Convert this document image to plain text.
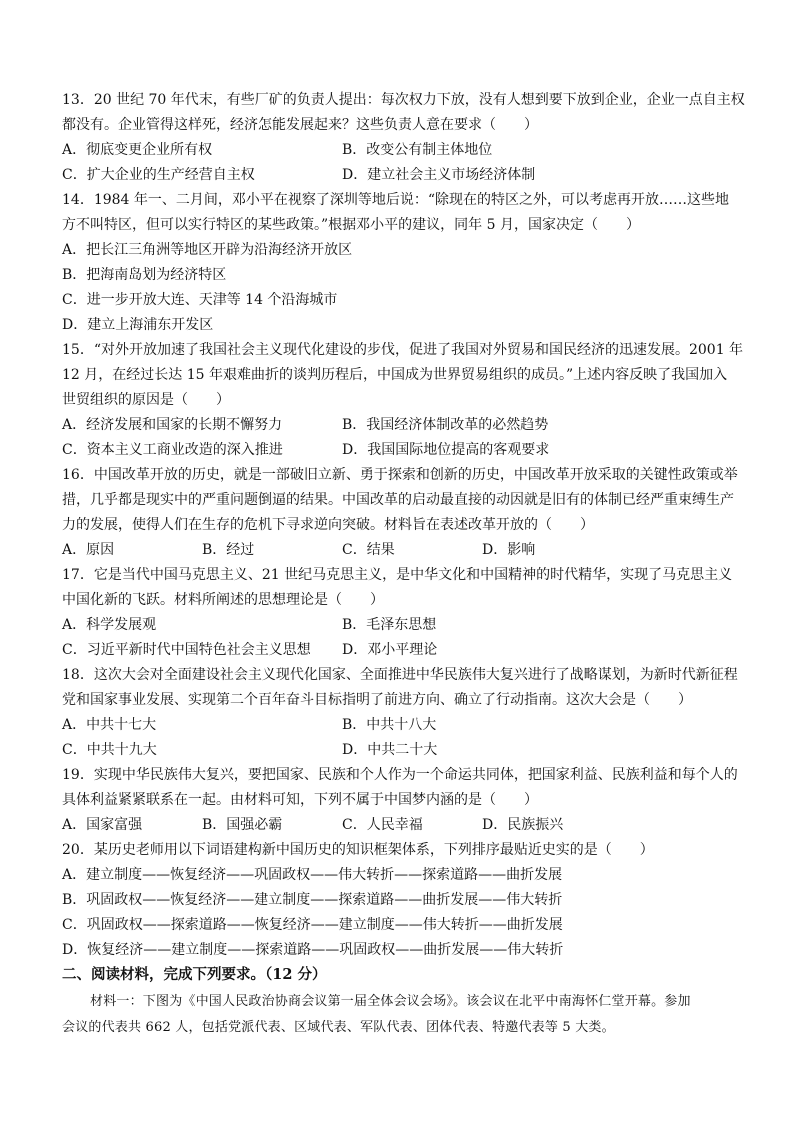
13．20 世纪 70 年代末，有些厂矿的负责人提出：每次权力下放，没有人想到要下放到企业，企业一点自主权
都没有。企业管得这样死，经济怎能发展起来？这些负责人意在要求（　　）
A．彻底变更企业所有权	B．改变公有制主体地位
C．扩大企业的生产经营自主权	D．建立社会主义市场经济体制
14．1984 年一、二月间，邓小平在视察了深圳等地后说：“除现在的特区之外，可以考虑再开放……这些地
方不叫特区，但可以实行特区的某些政策。”根据邓小平的建议，同年 5 月，国家决定（　　）
A．把长江三角洲等地区开辟为沿海经济开放区
B．把海南岛划为经济特区
C．进一步开放大连、天津等 14 个沿海城市
D．建立上海浦东开发区
15．“对外开放加速了我国社会主义现代化建设的步伐，促进了我国对外贸易和国民经济的迅速发展。2001 年
12 月，在经过长达 15 年艰难曲折的谈判历程后，中国成为世界贸易组织的成员。”上述内容反映了我国加入
世贸组织的原因是（　　）
A．经济发展和国家的长期不懈努力	B．我国经济体制改革的必然趋势
C．资本主义工商业改造的深入推进	D．我国国际地位提高的客观要求
16．中国改革开放的历史，就是一部破旧立新、勇于探索和创新的历史，中国改革开放采取的关键性政策或举
措，几乎都是现实中的严重问题倒逼的结果。中国改革的启动最直接的动因就是旧有的体制已经严重束缚生产
力的发展，使得人们在生存的危机下寻求逆向突破。材料旨在表述改革开放的（　　）
A．原因	B．经过	C．结果	D．影响
17．它是当代中国马克思主义、21 世纪马克思主义，是中华文化和中国精神的时代精华，实现了马克思主义
中国化新的飞跃。材料所阐述的思想理论是（　　）
A．科学发展观	B．毛泽东思想
C．习近平新时代中国特色社会主义思想 D．邓小平理论
18．这次大会对全面建设社会主义现代化国家、全面推进中华民族伟大复兴进行了战略谋划，为新时代新征程
党和国家事业发展、实现第二个百年奋斗目标指明了前进方向、确立了行动指南。这次大会是（　　）
A．中共十七大	B．中共十八大
C．中共十九大	D．中共二十大
19．实现中华民族伟大复兴，要把国家、民族和个人作为一个命运共同体，把国家利益、民族利益和每个人的
具体利益紧紧联系在一起。由材料可知，下列不属于中国梦内涵的是（　　）
A．国家富强	B．国强必霸	C．人民幸福	D．民族振兴
20．某历史老师用以下词语建构新中国历史的知识框架体系，下列排序最贴近史实的是（　　）
A．建立制度——恢复经济——巩固政权——伟大转折——探索道路——曲折发展
B．巩固政权——恢复经济——建立制度——探索道路——曲折发展——伟大转折
C．巩固政权——探索道路——恢复经济——建立制度——伟大转折——曲折发展
D．恢复经济——建立制度——探索道路——巩固政权——曲折发展——伟大转折
二、阅读材料，完成下列要求。（12 分）
材料一：下图为《中国人民政治协商会议第一届全体会议会场》。该会议在北平中南海怀仁堂开幕。参加
会议的代表共 662 人，包括党派代表、区域代表、军队代表、团体代表、特邀代表等 5 大类。
